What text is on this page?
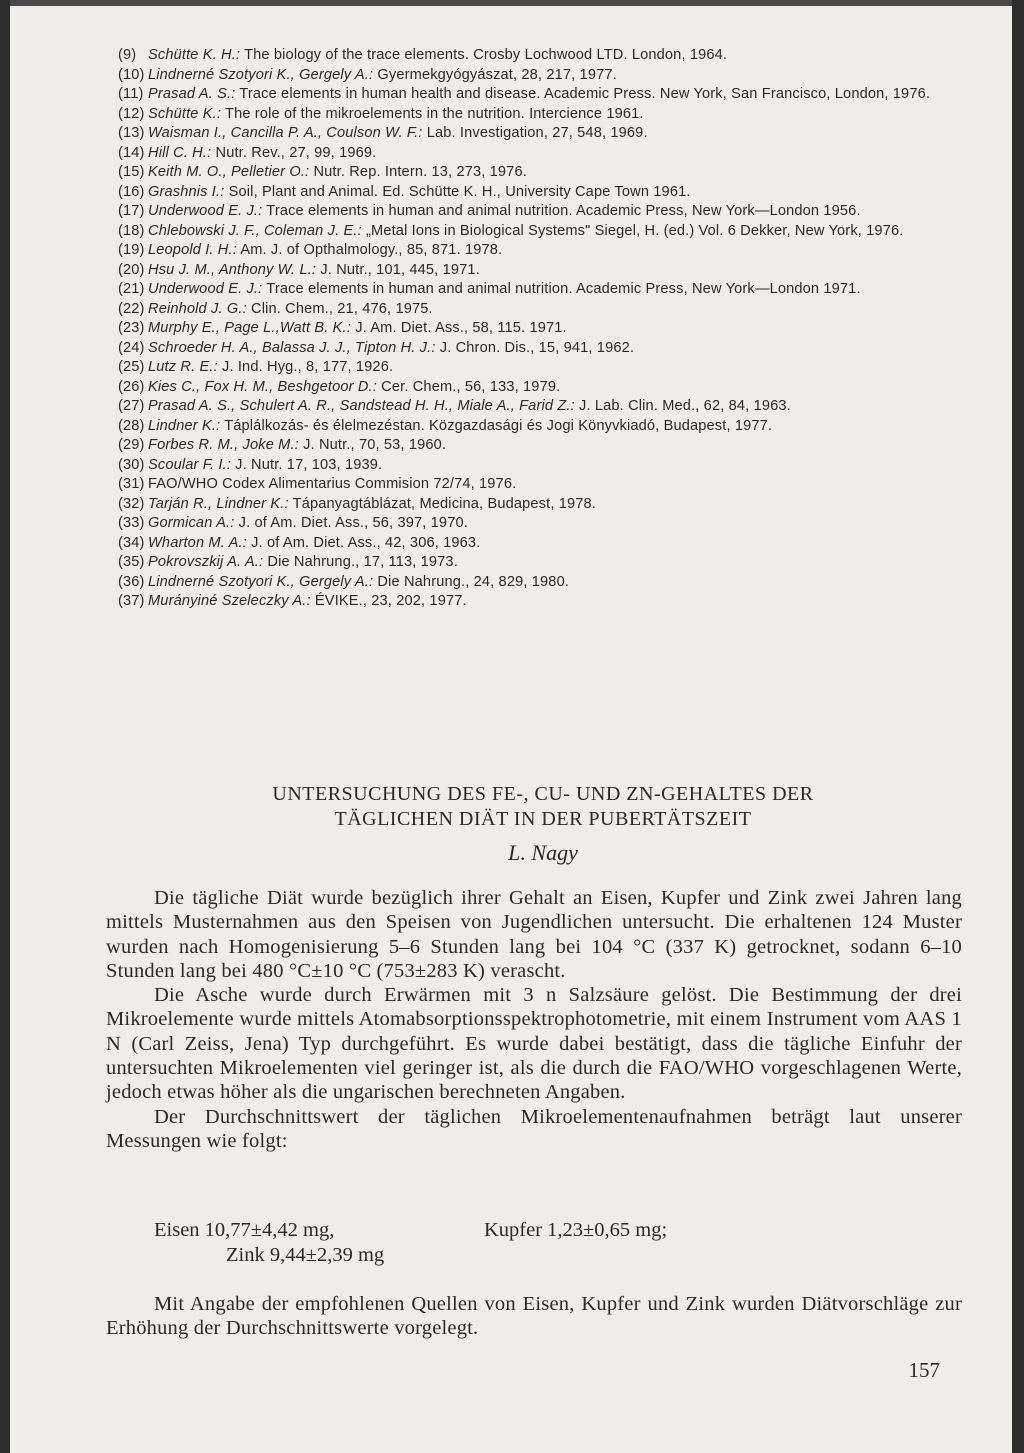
(9) Schütte K. H.: The biology of the trace elements. Crosby Lochwood LTD. London, 1964.
(10) Lindnerné Szotyori K., Gergely A.: Gyermekgyógyászat, 28, 217, 1977.
(11) Prasad A. S.: Trace elements in human health and disease. Academic Press. New York, San Francisco, London, 1976.
(12) Schütte K.: The role of the mikroelements in the nutrition. Intercience 1961.
(13) Waisman I., Cancilla P. A., Coulson W. F.: Lab. Investigation, 27, 548, 1969.
(14) Hill C. H.: Nutr. Rev., 27, 99, 1969.
(15) Keith M. O., Pelletier O.: Nutr. Rep. Intern. 13, 273, 1976.
(16) Grashnis I.: Soil, Plant and Animal. Ed. Schütte K. H., University Cape Town 1961.
(17) Underwood E. J.: Trace elements in human and animal nutrition. Academic Press, New York—London 1956.
(18) Chlebowski J. F., Coleman J. E.: „Metal Ions in Biological Systems" Siegel, H. (ed.) Vol. 6 Dekker, New York, 1976.
(19) Leopold I. H.: Am. J. of Opthalmology., 85, 871. 1978.
(20) Hsu J. M., Anthony W. L.: J. Nutr., 101, 445, 1971.
(21) Underwood E. J.: Trace elements in human and animal nutrition. Academic Press, New York—London 1971.
(22) Reinhold J. G.: Clin. Chem., 21, 476, 1975.
(23) Murphy E., Page L.,Watt B. K.: J. Am. Diet. Ass., 58, 115. 1971.
(24) Schroeder H. A., Balassa J. J., Tipton H. J.: J. Chron. Dis., 15, 941, 1962.
(25) Lutz R. E.: J. Ind. Hyg., 8, 177, 1926.
(26) Kies C., Fox H. M., Beshgetoor D.: Cer. Chem., 56, 133, 1979.
(27) Prasad A. S., Schulert A. R., Sandstead H. H., Miale A., Farid Z.: J. Lab. Clin. Med., 62, 84, 1963.
(28) Lindner K.: Táplálkozás- és élelmezéstan. Közgazdasági és Jogi Könyvkiadó, Budapest, 1977.
(29) Forbes R. M., Joke M.: J. Nutr., 70, 53, 1960.
(30) Scoular F. I.: J. Nutr. 17, 103, 1939.
(31) FAO/WHO Codex Alimentarius Commision 72/74, 1976.
(32) Tarján R., Lindner K.: Tápanyagtáblázat, Medicina, Budapest, 1978.
(33) Gormican A.: J. of Am. Diet. Ass., 56, 397, 1970.
(34) Wharton M. A.: J. of Am. Diet. Ass., 42, 306, 1963.
(35) Pokrovszkij A. A.: Die Nahrung., 17, 113, 1973.
(36) Lindnerné Szotyori K., Gergely A.: Die Nahrung., 24, 829, 1980.
(37) Murányiné Szeleczky A.: ÉVIKE., 23, 202, 1977.
UNTERSUCHUNG DES FE-, CU- UND ZN-GEHALTES DER
TÄGLICHEN DIÄT IN DER PUBERTÄTSZEIT
L. Nagy

Die tägliche Diät wurde bezüglich ihrer Gehalt an Eisen, Kupfer und Zink zwei Jahren lang mittels Musternahmen aus den Speisen von Jugendlichen untersucht. Die erhaltenen 124 Muster wurden nach Homogenisierung 5–6 Stunden lang bei 104 °C (337 K) getrocknet, sodann 6–10 Stunden lang bei 480 °C±10 °C (753±283 K) verascht.

Die Asche wurde durch Erwärmen mit 3 n Salzsäure gelöst. Die Bestimmung der drei Mikroelemente wurde mittels Atomabsorptionsspektrophotometrie, mit einem Instrument vom AAS 1 N (Carl Zeiss, Jena) Typ durchgeführt. Es wurde dabei bestätigt, dass die tägliche Einfuhr der untersuchten Mikroelementen viel geringer ist, als die durch die FAO/WHO vorgeschlagenen Werte, jedoch etwas höher als die ungarischen berechneten Angaben.

Der Durchschnittswert der täglichen Mikroelementenaufnahmen beträgt laut unserer Messungen wie folgt:

Eisen 10,77±4,42 mg,	Kupfer 1,23±0,65 mg;
Zink 9,44±2,39 mg

Mit Angabe der empfohlenen Quellen von Eisen, Kupfer und Zink wurden Diätvorschläge zur Erhöhung der Durchschnittswerte vorgelegt.

157
